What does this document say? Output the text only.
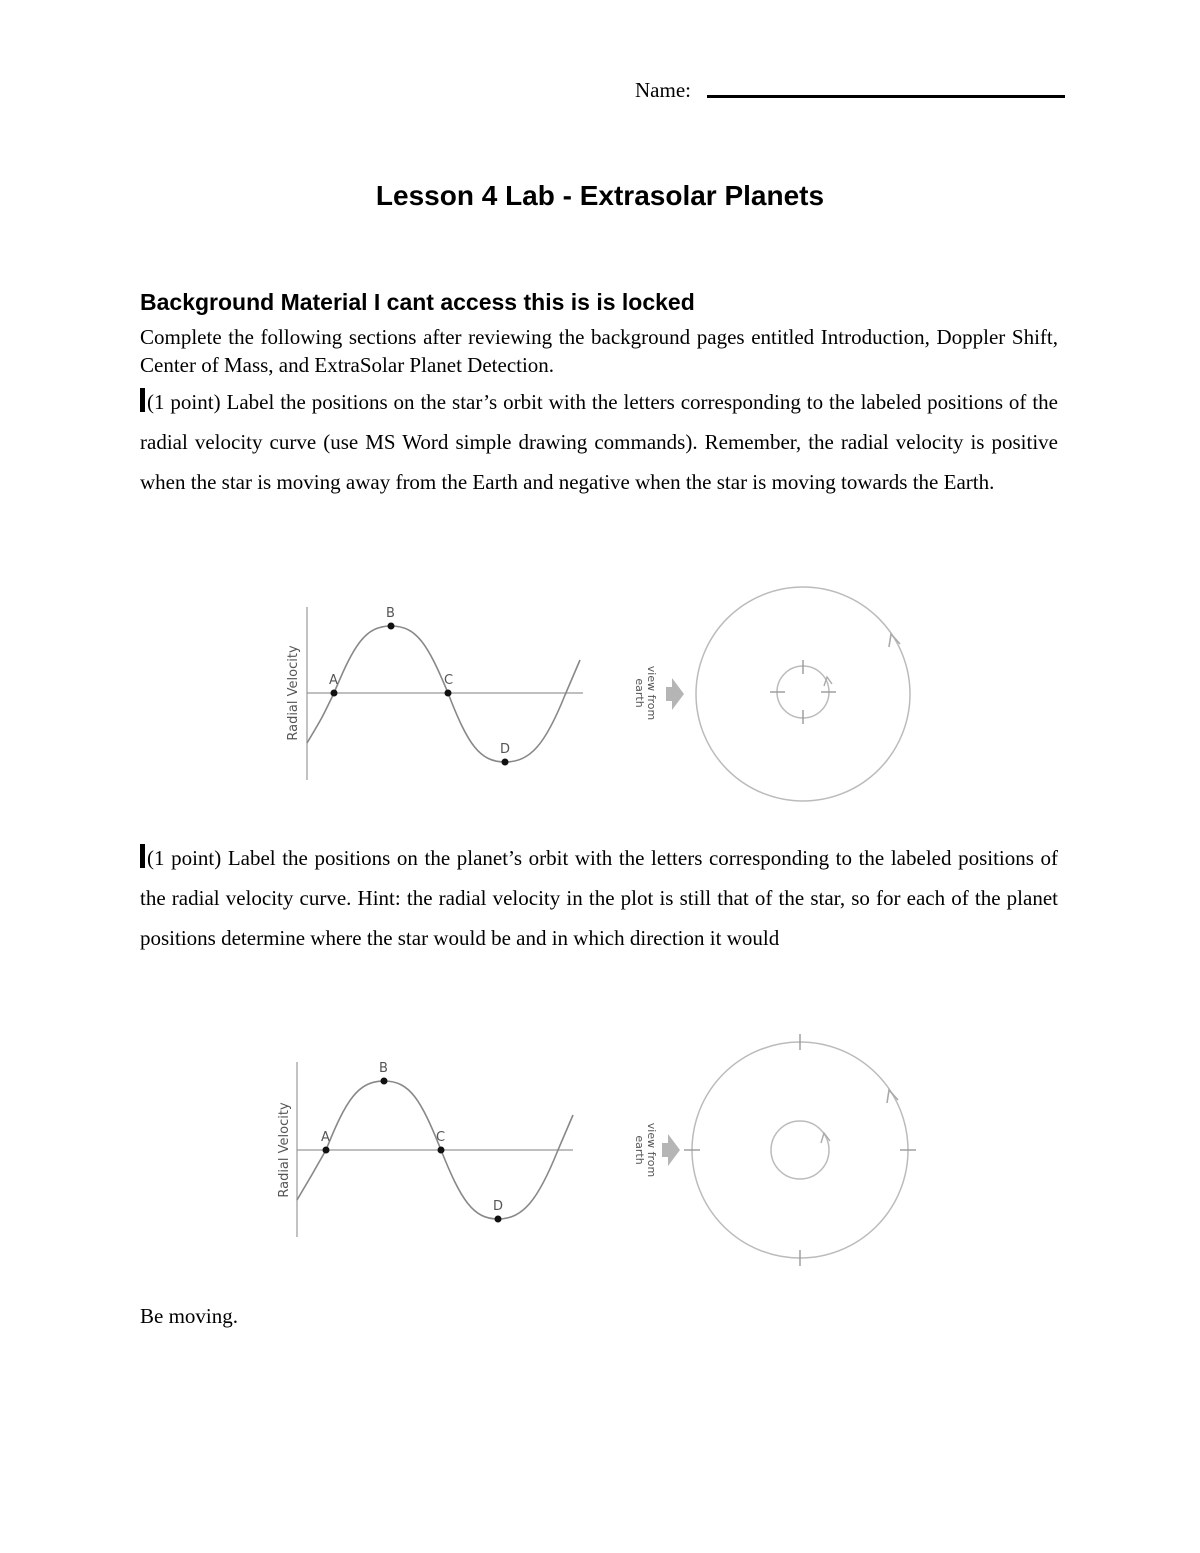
Name:
Lesson 4 Lab - Extrasolar Planets
Background Material I cant access this is is locked
Complete the following sections after reviewing the background pages entitled Introduction, Doppler Shift, Center of Mass, and ExtraSolar Planet Detection.
(1 point) Label the positions on the star’s orbit with the letters corresponding to the labeled positions of the radial velocity curve (use MS Word simple drawing commands). Remember, the radial velocity is positive when the star is moving away from the Earth and negative when the star is moving towards the Earth.
A
B
C
D
Radial Velocity	view from
earth
(1 point) Label the positions on the planet’s orbit with the letters corresponding to the labeled positions of the radial velocity curve. Hint: the radial velocity in the plot is still that of the star, so for each of the planet positions determine where the star would be and in which direction it would
A
B
C
D
Radial Velocity	view from
earth
Be moving.
